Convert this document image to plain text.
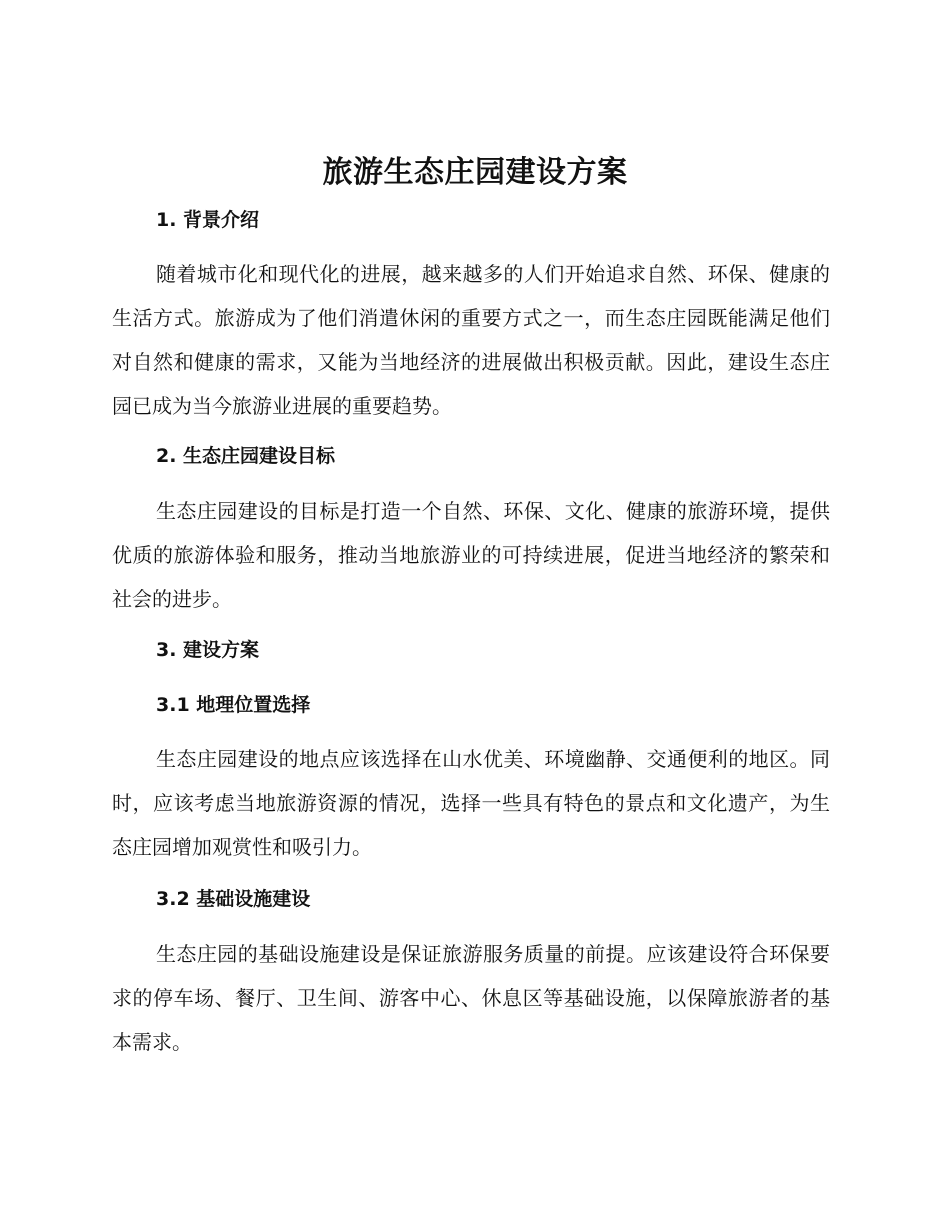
旅游生态庄园建设方案
1. 背景介绍
随着城市化和现代化的进展，越来越多的人们开始追求自然、环保、健康的生活方式。旅游成为了他们消遣休闲的重要方式之一，而生态庄园既能满足他们对自然和健康的需求，又能为当地经济的进展做出积极贡献。因此，建设生态庄园已成为当今旅游业进展的重要趋势。
2. 生态庄园建设目标
生态庄园建设的目标是打造一个自然、环保、文化、健康的旅游环境，提供优质的旅游体验和服务，推动当地旅游业的可持续进展，促进当地经济的繁荣和社会的进步。
3. 建设方案
3.1 地理位置选择
生态庄园建设的地点应该选择在山水优美、环境幽静、交通便利的地区。同时，应该考虑当地旅游资源的情况，选择一些具有特色的景点和文化遗产，为生态庄园增加观赏性和吸引力。
3.2 基础设施建设
生态庄园的基础设施建设是保证旅游服务质量的前提。应该建设符合环保要求的停车场、餐厅、卫生间、游客中心、休息区等基础设施，以保障旅游者的基本需求。
